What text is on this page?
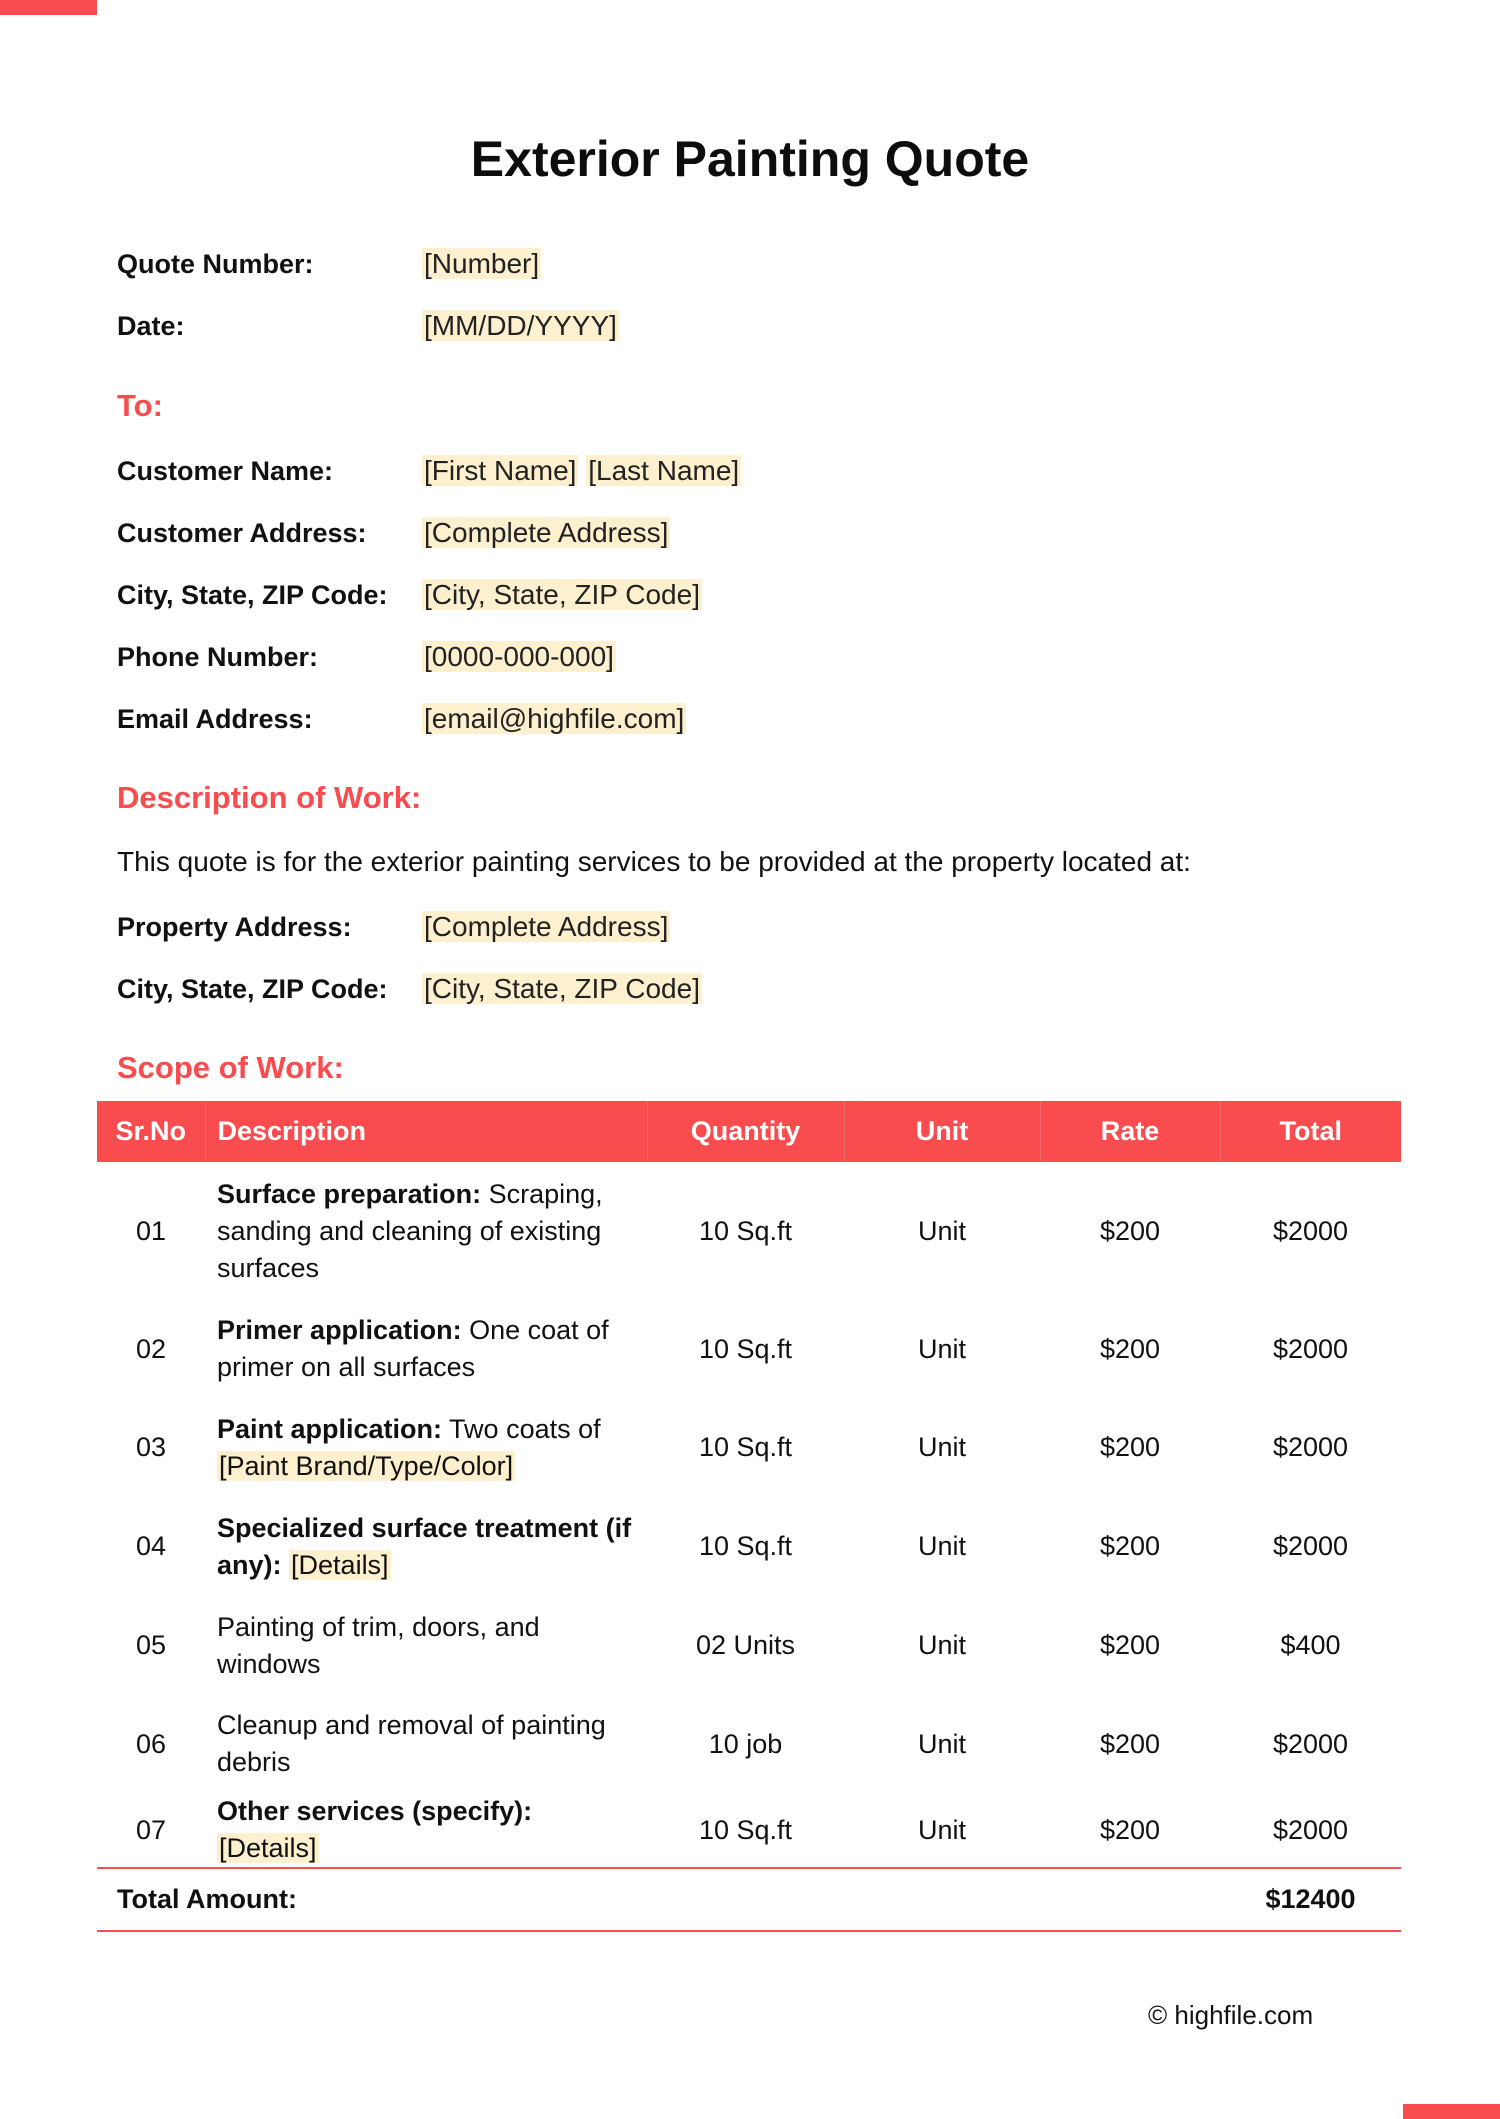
Exterior Painting Quote
Quote Number:	[Number]
Date:	[MM/DD/YYYY]
To:
Customer Name:	[First Name] [Last Name]
Customer Address:	[Complete Address]
City, State, ZIP Code:	[City, State, ZIP Code]
Phone Number:	[0000-000-000]
Email Address:	[email@highfile.com]
Description of Work:
This quote is for the exterior painting services to be provided at the property located at:
Property Address:	[Complete Address]
City, State, ZIP Code:	[City, State, ZIP Code]
Scope of Work:
Sr.No	Description	Quantity	Unit	Rate	Total
01	Surface preparation: Scraping, sanding and cleaning of existing surfaces	10 Sq.ft	Unit	$200	$2000
02	Primer application: One coat of primer on all surfaces	10 Sq.ft	Unit	$200	$2000
03	Paint application: Two coats of [Paint Brand/Type/Color]	10 Sq.ft	Unit	$200	$2000
04	Specialized surface treatment (if any): [Details]	10 Sq.ft	Unit	$200	$2000
05	Painting of trim, doors, and windows	02 Units	Unit	$200	$400
06	Cleanup and removal of painting debris	10 job	Unit	$200	$2000
07	Other services (specify): [Details]	10 Sq.ft	Unit	$200	$2000
Total Amount:					$12400
© highfile.com
